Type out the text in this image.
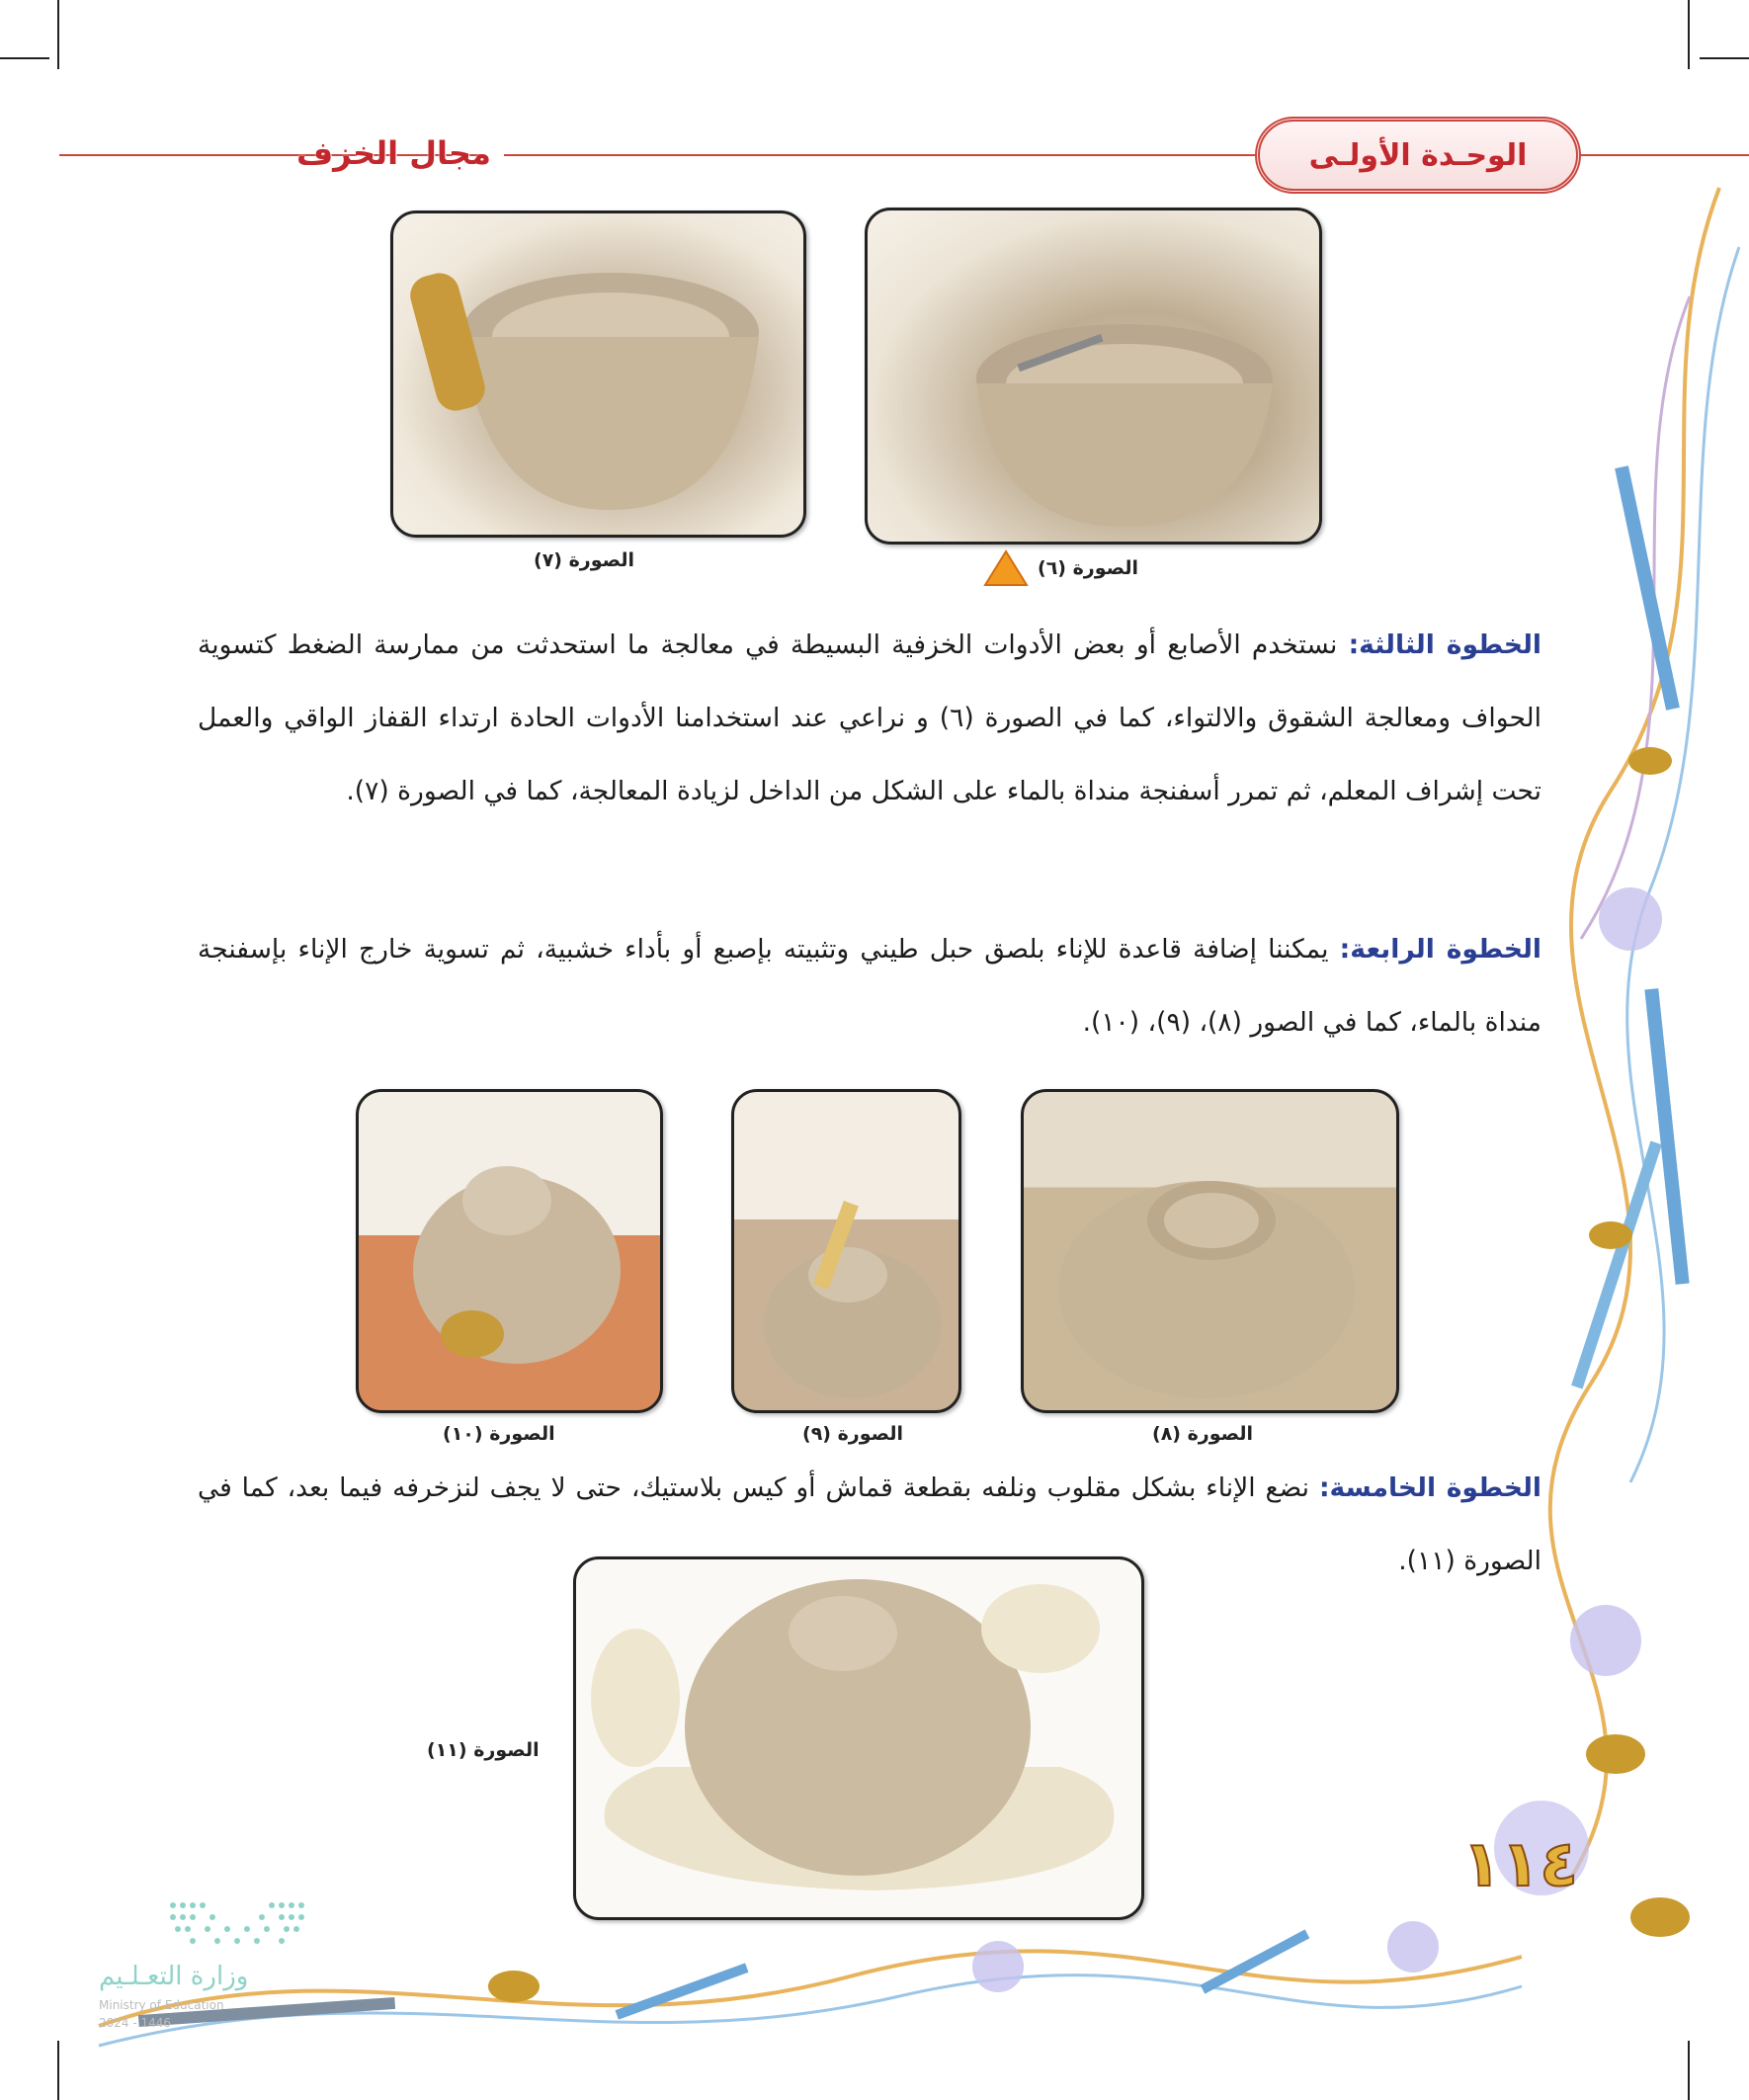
مجال الخزف	الوحـدة الأولـى
الصورة (٧)	الصورة (٦)
الخطوة الثالثة: نستخدم الأصابع أو بعض الأدوات الخزفية البسيطة في معالجة ما استحدثت من ممارسة الضغط كتسوية الحواف ومعالجة الشقوق والالتواء، كما في الصورة (٦) و نراعي عند استخدامنا الأدوات الحادة ارتداء القفاز الواقي والعمل تحت إشراف المعلم، ثم تمرر أسفنجة منداة بالماء على الشكل من الداخل لزيادة المعالجة، كما في الصورة (٧).
الخطوة الرابعة: يمكننا إضافة قاعدة للإناء بلصق حبل طيني وتثبيته بإصبع أو بأداء خشبية، ثم تسوية خارج الإناء بإسفنجة منداة بالماء، كما في الصور (٨)، (٩)، (١٠).
الصورة (١٠)	الصورة (٩)	الصورة (٨)
الخطوة الخامسة: نضع الإناء بشكل مقلوب ونلفه بقطعة قماش أو كيس بلاستيك، حتى لا يجف لنزخرفه فيما بعد، كما في الصورة (١١).
الصورة (١١)
١١٤
وزارة التعـلـيم
Ministry of Education
2024 - 1446
